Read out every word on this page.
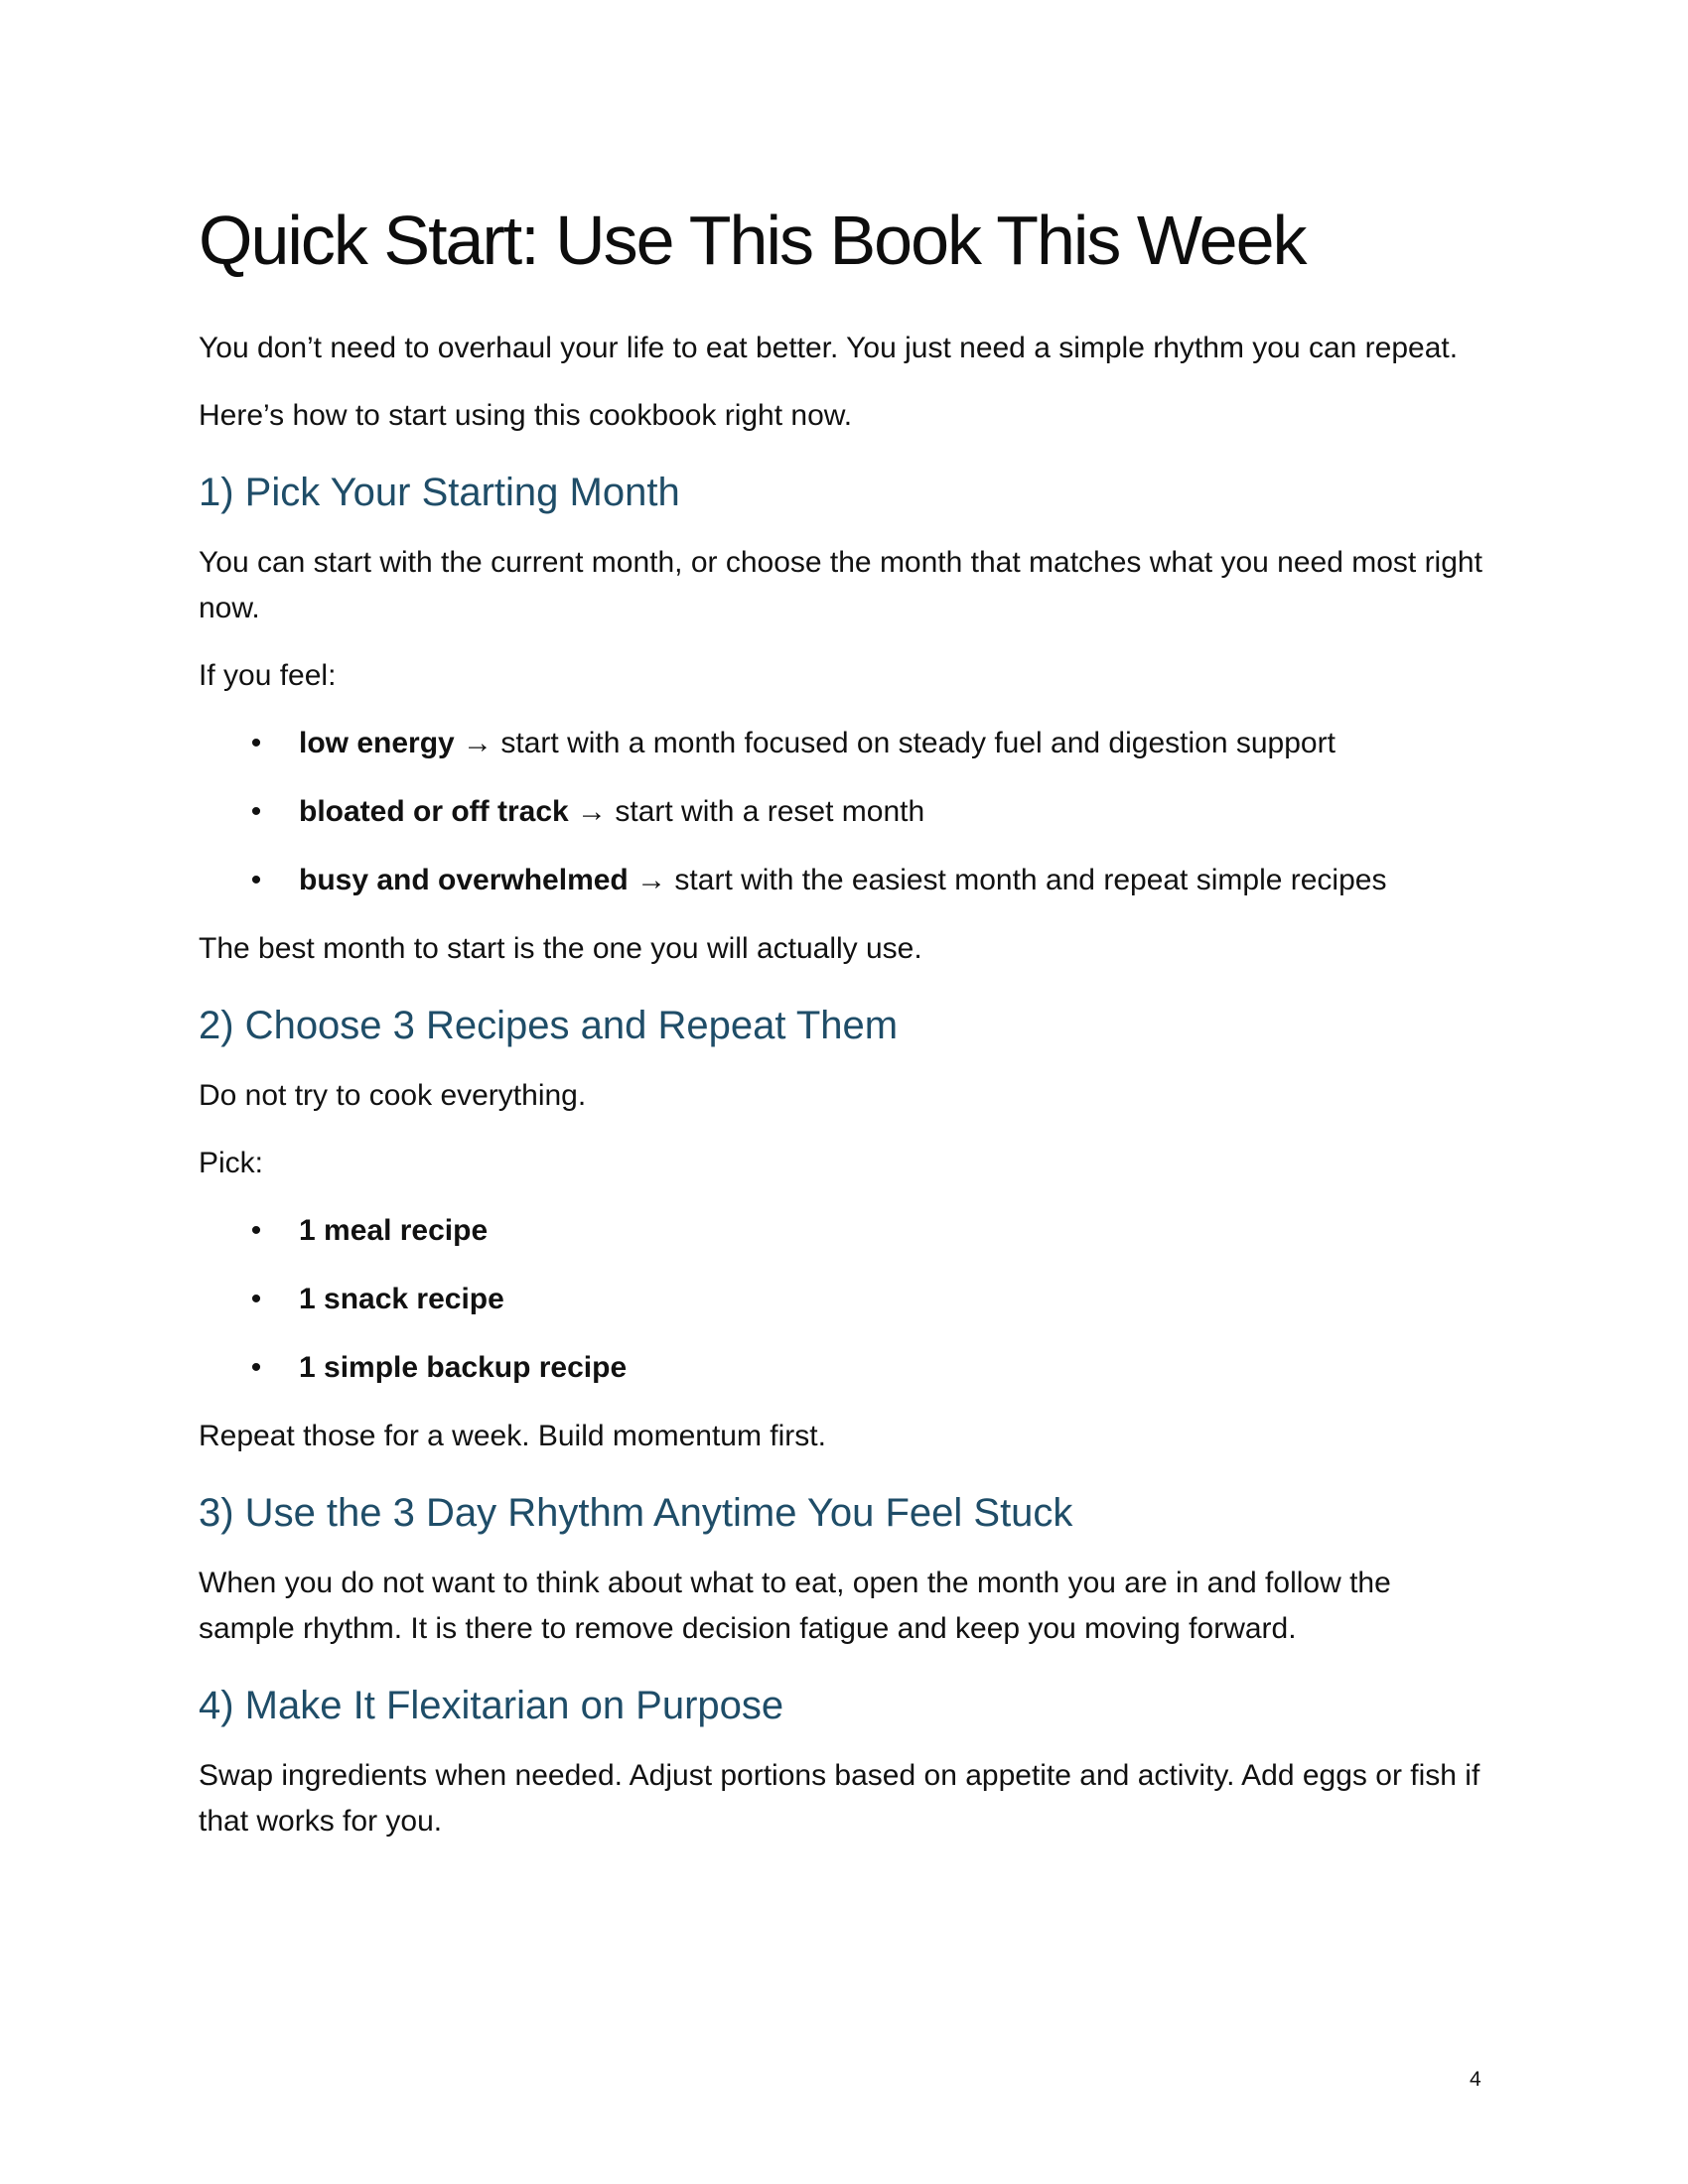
Quick Start: Use This Book This Week

You don’t need to overhaul your life to eat better. You just need a simple rhythm you can repeat.

Here’s how to start using this cookbook right now.

1) Pick Your Starting Month

You can start with the current month, or choose the month that matches what you need most right now.

If you feel:

• low energy → start with a month focused on steady fuel and digestion support
• bloated or off track → start with a reset month
• busy and overwhelmed → start with the easiest month and repeat simple recipes

The best month to start is the one you will actually use.

2) Choose 3 Recipes and Repeat Them

Do not try to cook everything.

Pick:

• 1 meal recipe
• 1 snack recipe
• 1 simple backup recipe

Repeat those for a week. Build momentum first.

3) Use the 3 Day Rhythm Anytime You Feel Stuck

When you do not want to think about what to eat, open the month you are in and follow the sample rhythm. It is there to remove decision fatigue and keep you moving forward.

4) Make It Flexitarian on Purpose

Swap ingredients when needed. Adjust portions based on appetite and activity. Add eggs or fish if that works for you.

4
